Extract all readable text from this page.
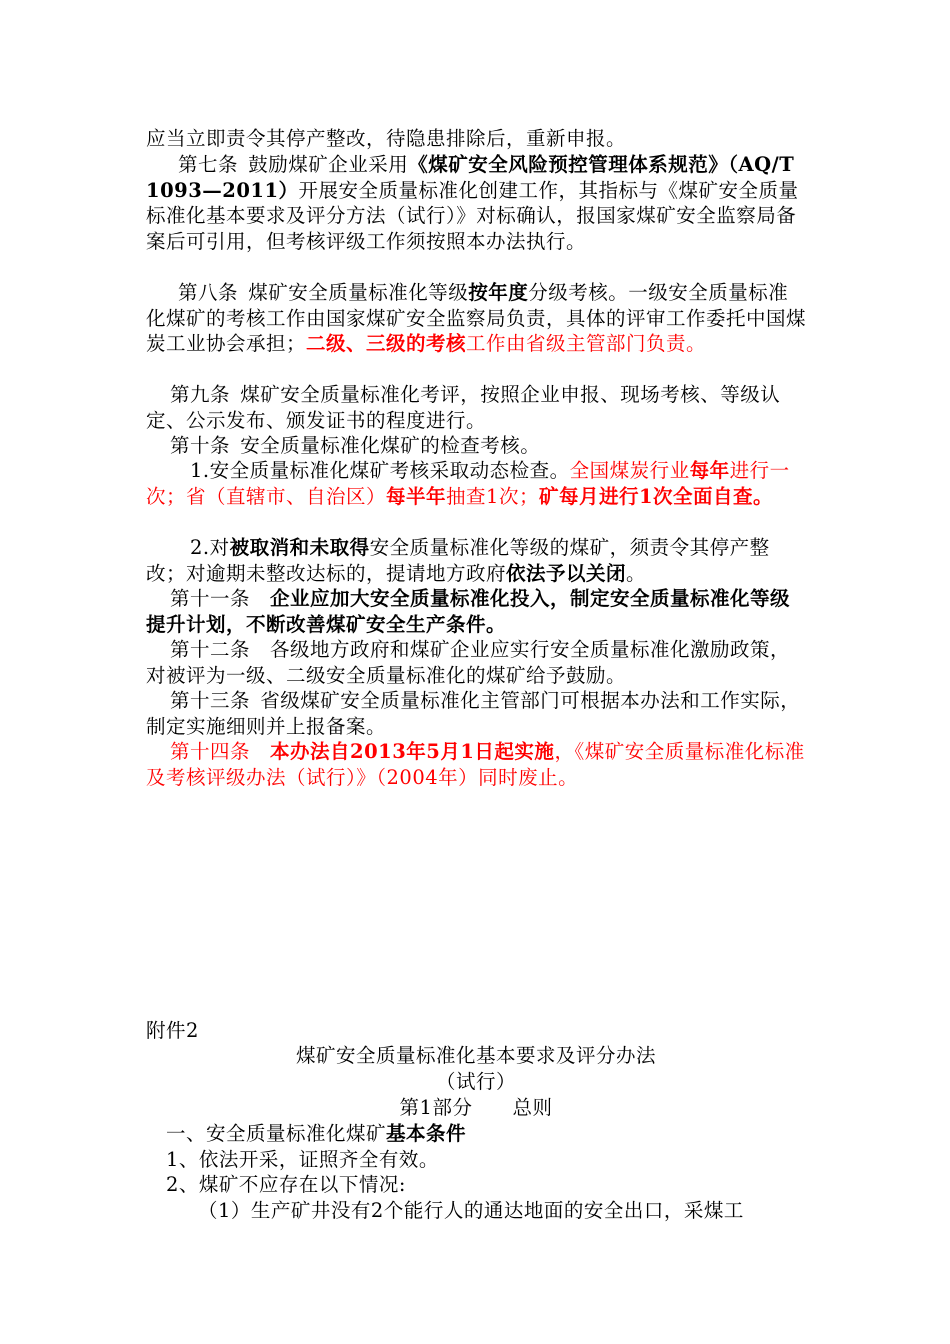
应当立即责令其停产整改，待隐患排除后，重新申报。

第七条  鼓励煤矿企业采用《煤矿安全风险预控管理体系规范》（AQ/T1093—2011）开展安全质量标准化创建工作，其指标与《煤矿安全质量标准化基本要求及评分方法（试行）》对标确认，报国家煤矿安全监察局备案后可引用，但考核评级工作须按照本办法执行。

第八条  煤矿安全质量标准化等级按年度分级考核。一级安全质量标准化煤矿的考核工作由国家煤矿安全监察局负责，具体的评审工作委托中国煤炭工业协会承担；二级、三级的考核工作由省级主管部门负责。

第九条  煤矿安全质量标准化考评，按照企业申报、现场考核、等级认定、公示发布、颁发证书的程度进行。

第十条  安全质量标准化煤矿的检查考核。

1.安全质量标准化煤矿考核采取动态检查。全国煤炭行业每年进行一次；省（直辖市、自治区）每半年抽查1次；矿每月进行1次全面自查。

2.对被取消和未取得安全质量标准化等级的煤矿，须责令其停产整改；对逾期未整改达标的，提请地方政府依法予以关闭。

第十一条  企业应加大安全质量标准化投入，制定安全质量标准化等级提升计划，不断改善煤矿安全生产条件。

第十二条  各级地方政府和煤矿企业应实行安全质量标准化激励政策，对被评为一级、二级安全质量标准化的煤矿给予鼓励。

第十三条  省级煤矿安全质量标准化主管部门可根据本办法和工作实际，制定实施细则并上报备案。

第十四条  本办法自2013年5月1日起实施，《煤矿安全质量标准化标准及考核评级办法（试行）》（2004年）同时废止。

附件2

煤矿安全质量标准化基本要求及评分办法

（试行）

第1部分   总则

一、安全质量标准化煤矿基本条件

1、依法开采，证照齐全有效。

2、煤矿不应存在以下情况:

（1）生产矿井没有2个能行人的通达地面的安全出口，采煤工
